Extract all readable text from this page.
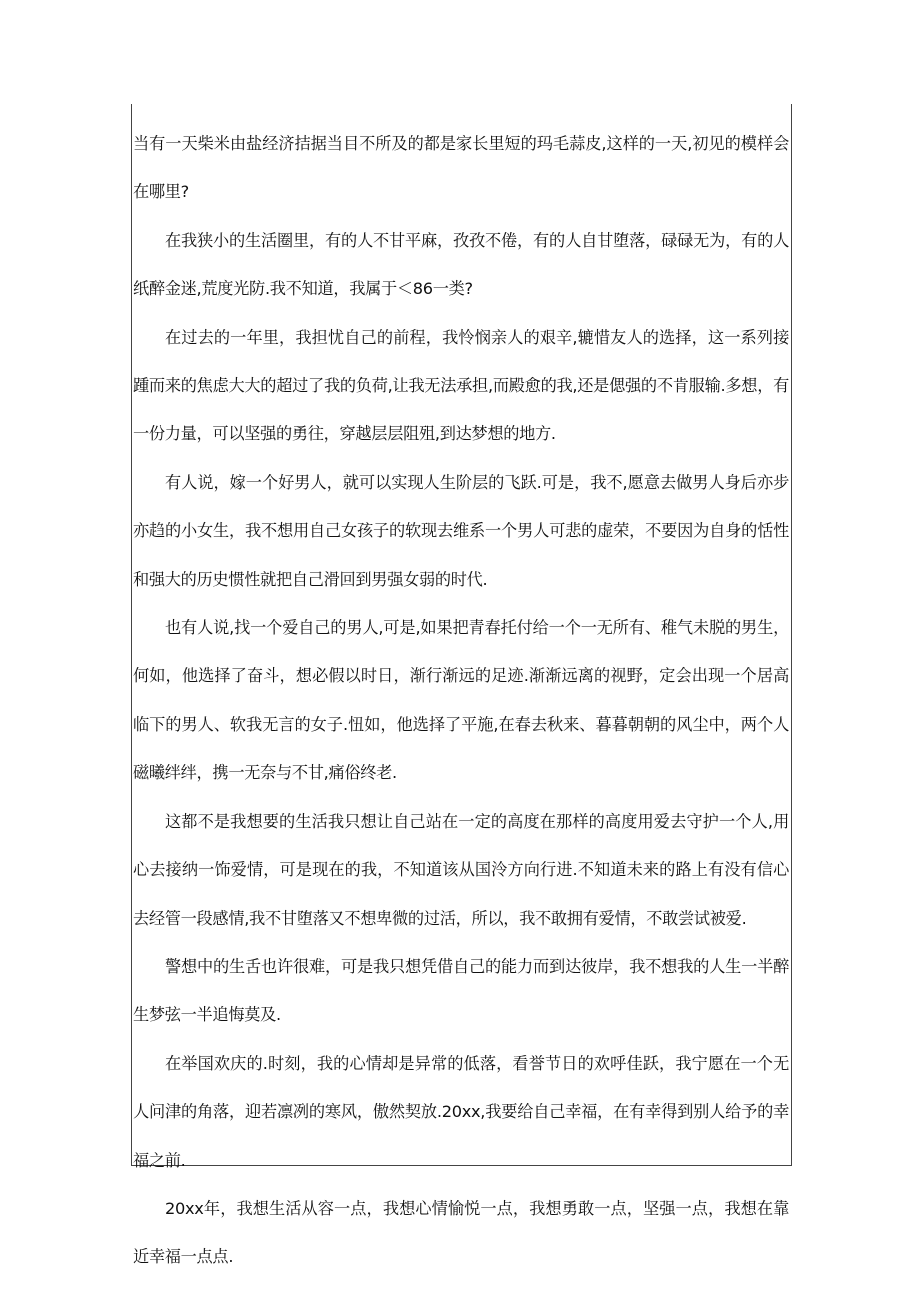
当有一天柴米由盐经济拮据当目不所及的都是家长里短的玛毛蒜皮,这样的一天,初见的模样会在哪里?

在我狭小的生活圈里，有的人不甘平麻，孜孜不倦，有的人自甘堕落，碌碌无为，有的人纸醉金迷,荒度光防.我不知道，我属于＜86一类?

在过去的一年里，我担忧自己的前程，我怜悯亲人的艰辛,辘惜友人的选择，这一系列接踵而来的焦虑大大的超过了我的负荷,让我无法承担,而殿愈的我,还是偲强的不肯服输.多想，有一份力量，可以坚强的勇往，穿越层层阻殂,到达梦想的地方.

有人说，嫁一个好男人，就可以实现人生阶层的飞跃.可是，我不,愿意去做男人身后亦步亦趋的小女生，我不想用自己女孩子的软现去维系一个男人可悲的虚荣，不要因为自身的恬性和强大的历史惯性就把自己滑回到男强女弱的时代.

也有人说,找一个爱自己的男人,可是,如果把青春托付给一个一无所有、稚气未脱的男生，何如，他选择了奋斗，想必假以时日，渐行渐远的足迹.渐渐远离的视野，定会出现一个居高临下的男人、软我无言的女子.忸如，他选择了平施,在春去秋来、暮暮朝朝的风尘中，两个人磁曦绊绊，携一无奈与不甘,痛俗终老.

这都不是我想要的生活我只想让自己站在一定的高度在那样的高度用爱去守护一个人,用心去接纳一饰爱情，可是现在的我，不知道该从国泠方向行进.不知道未来的路上有没有信心去经管一段感情,我不甘堕落又不想卑微的过活，所以，我不敢拥有爱情，不敢尝试被爱.

警想中的生舌也许很难，可是我只想凭借自己的能力而到达彼岸，我不想我的人生一半醉生梦弦一半追悔莫及.

在举国欢庆的.时刻，我的心情却是异常的低落，看誉节日的欢呼佳跃，我宁愿在一个无人问津的角落，迎若凛冽的寒风，傲然契放.20xx,我要给自己幸福，在有幸得到别人给予的幸福之前.

20xx年，我想生活从容一点，我想心情愉悦一点，我想勇敢一点，坚强一点，我想在靠近幸福一点点.
